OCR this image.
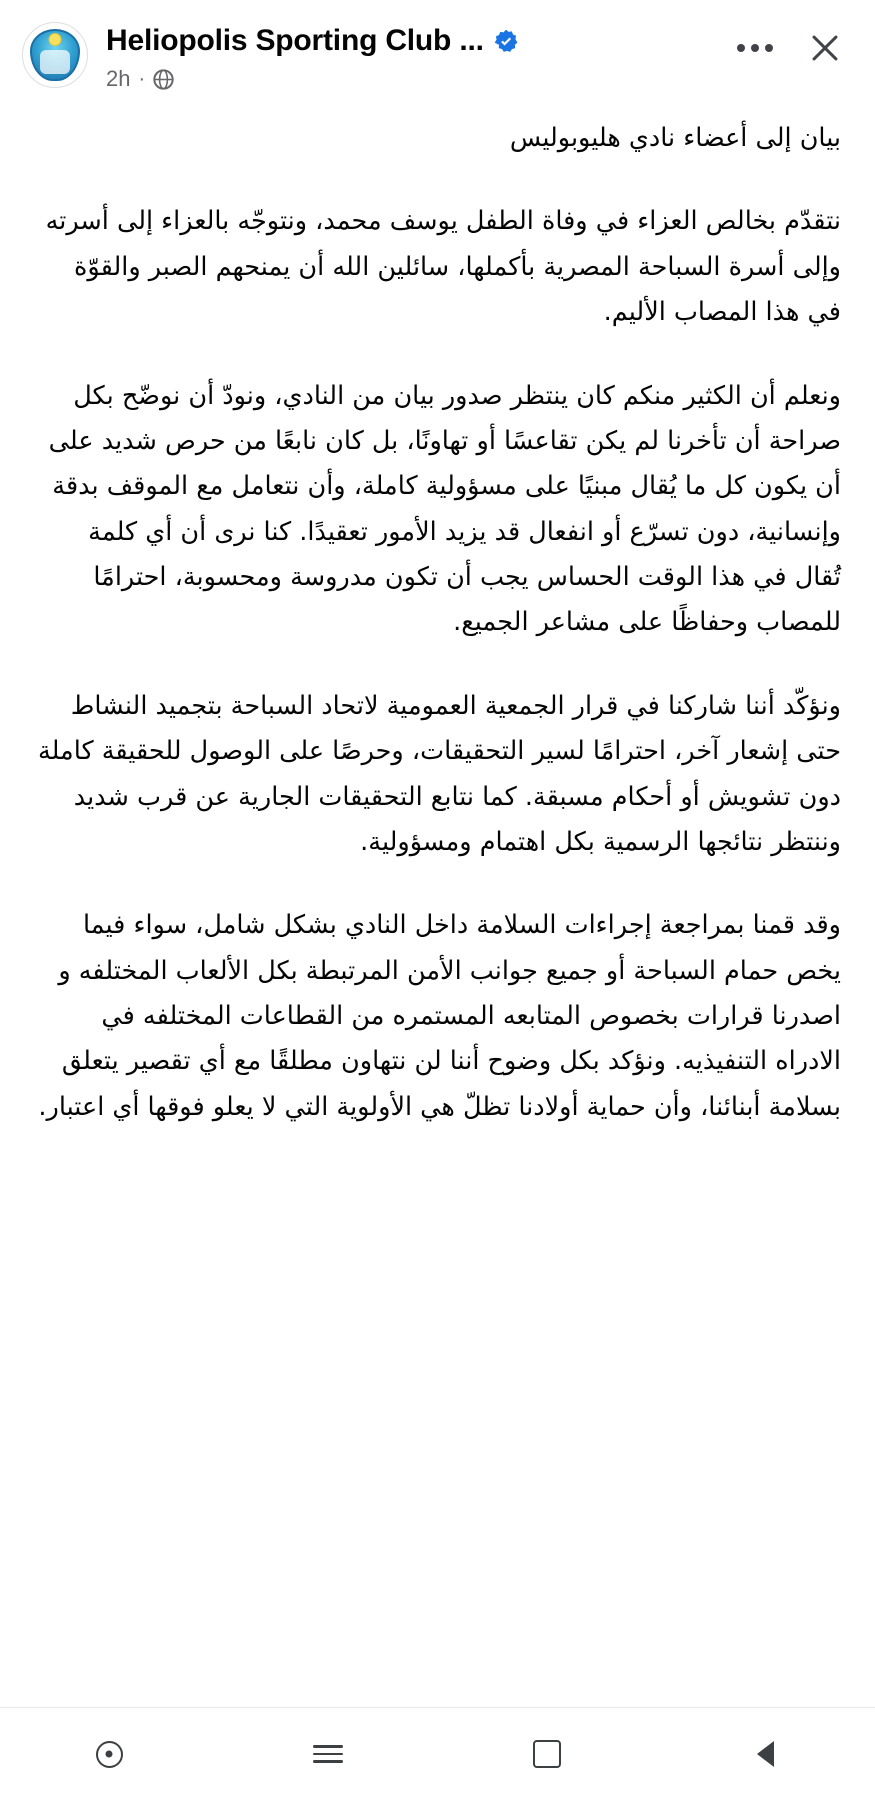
Heliopolis Sporting Club ...
2h ·

بيان إلى أعضاء نادي هليوبوليس

نتقدّم بخالص العزاء في وفاة الطفل يوسف محمد، ونتوجّه بالعزاء إلى أسرته وإلى أسرة السباحة المصرية بأكملها، سائلين الله أن يمنحهم الصبر والقوّة في هذا المصاب الأليم.

ونعلم أن الكثير منكم كان ينتظر صدور بيان من النادي، ونودّ أن نوضّح بكل صراحة أن تأخرنا لم يكن تقاعسًا أو تهاونًا، بل كان نابعًا من حرص شديد على أن يكون كل ما يُقال مبنيًا على مسؤولية كاملة، وأن نتعامل مع الموقف بدقة وإنسانية، دون تسرّع أو انفعال قد يزيد الأمور تعقيدًا. كنا نرى أن أي كلمة تُقال في هذا الوقت الحساس يجب أن تكون مدروسة ومحسوبة، احترامًا للمصاب وحفاظًا على مشاعر الجميع.

ونؤكّد أننا شاركنا في قرار الجمعية العمومية لاتحاد السباحة بتجميد النشاط حتى إشعار آخر، احترامًا لسير التحقيقات، وحرصًا على الوصول للحقيقة كاملة دون تشويش أو أحكام مسبقة. كما نتابع التحقيقات الجارية عن قرب شديد وننتظر نتائجها الرسمية بكل اهتمام ومسؤولية.

وقد قمنا بمراجعة إجراءات السلامة داخل النادي بشكل شامل، سواء فيما يخص حمام السباحة أو جميع جوانب الأمن المرتبطة بكل الألعاب المختلفه و اصدرنا قرارات بخصوص المتابعه المستمره من القطاعات المختلفه في الادراه التنفيذيه. ونؤكد بكل وضوح أننا لن نتهاون مطلقًا مع أي تقصير يتعلق بسلامة أبنائنا، وأن حماية أولادنا تظلّ هي الأولوية التي لا يعلو فوقها أي اعتبار.
